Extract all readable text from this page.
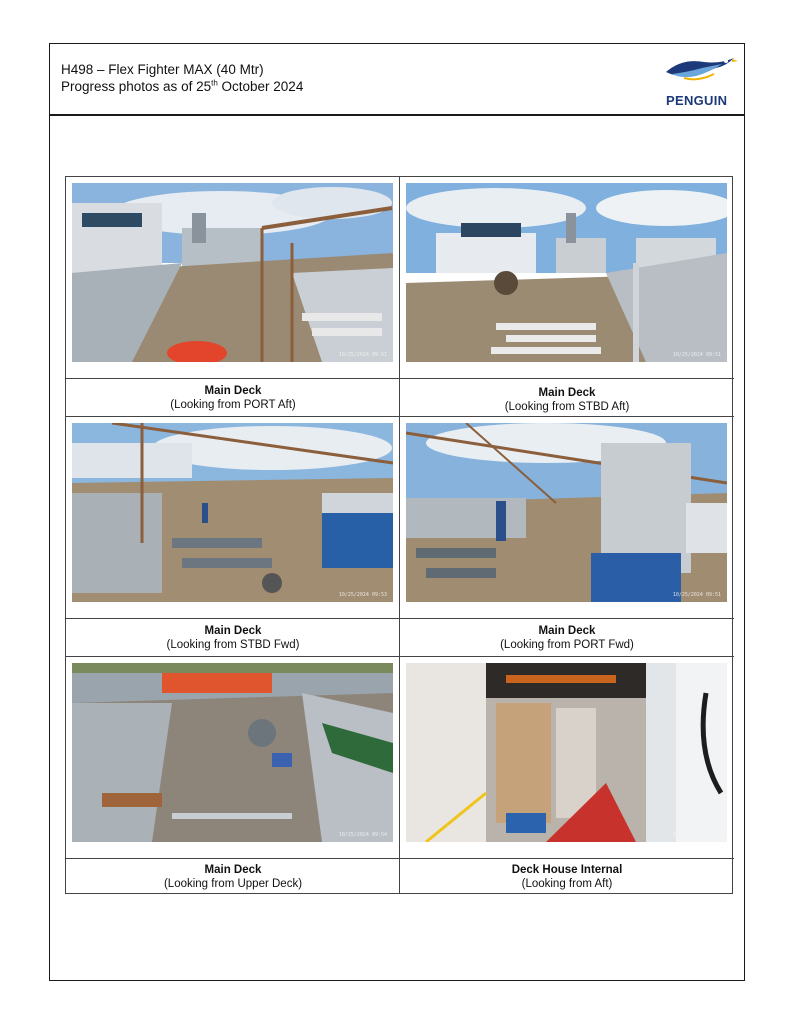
H498 – Flex Fighter MAX (40 Mtr)
Progress photos as of 25th October 2024
PENGUIN
10/25/2024 09:51	10/25/2024 09:51
Main Deck
(Looking from PORT Aft)
Main Deck
(Looking from STBD Aft)
10/25/2024 09:53	10/25/2024 09:51
Main Deck
(Looking from STBD Fwd)
Main Deck
(Looking from PORT Fwd)
10/25/2024 09:54	10/25/2024 09:53
Main Deck
(Looking from Upper Deck)
Deck House Internal
(Looking from Aft)
